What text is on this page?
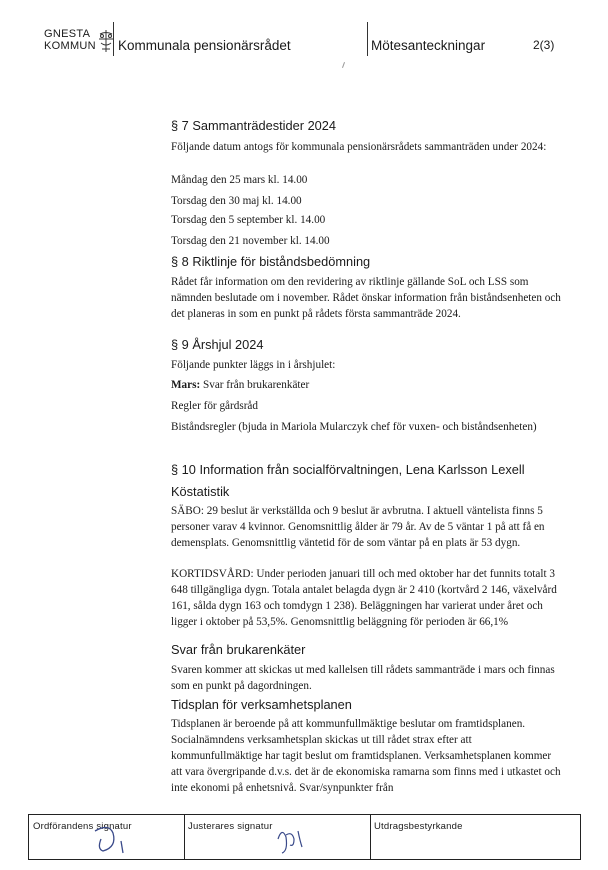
GNESTA
KOMMUN Kommunala pensionärsrådet	Mötesanteckningar	2(3)
§ 7 Sammanträdestider 2024
Följande datum antogs för kommunala pensionärsrådets sammanträden under 2024:
Måndag den 25 mars kl. 14.00
Torsdag den 30 maj kl. 14.00
Torsdag den 5 september kl. 14.00
Torsdag den 21 november kl. 14.00
§ 8 Riktlinje för biståndsbedömning
Rådet får information om den revidering av riktlinje gällande SoL och LSS som nämnden beslutade om i november. Rådet önskar information från biståndsenheten och det planeras in som en punkt på rådets första sammanträde 2024.
§ 9 Årshjul 2024
Följande punkter läggs in i årshjulet:
Mars: Svar från brukarenkäter
Regler för gårdsråd
Biståndsregler (bjuda in Mariola Mularczyk chef för vuxen- och biståndsenheten)
§ 10 Information från socialförvaltningen, Lena Karlsson Lexell
Köstatistik
SÄBO: 29 beslut är verkställda och 9 beslut är avbrutna. I aktuell väntelista finns 5 personer varav 4 kvinnor. Genomsnittlig ålder är 79 år. Av de 5 väntar 1 på att få en demensplats. Genomsnittlig väntetid för de som väntar på en plats är 53 dygn.
KORTIDSVÅRD: Under perioden januari till och med oktober har det funnits totalt 3 648 tillgängliga dygn. Totala antalet belagda dygn är 2 410 (kortvård 2 146, växelvård 161, sålda dygn 163 och tomdygn 1 238). Beläggningen har varierat under året och ligger i oktober på 53,5%. Genomsnittlig beläggning för perioden är 66,1%
Svar från brukarenkäter
Svaren kommer att skickas ut med kallelsen till rådets sammanträde i mars och finnas som en punkt på dagordningen.
Tidsplan för verksamhetsplanen
Tidsplanen är beroende på att kommunfullmäktige beslutar om framtidsplanen. Socialnämndens verksamhetsplan skickas ut till rådet strax efter att kommunfullmäktige har tagit beslut om framtidsplanen. Verksamhetsplanen kommer att vara övergripande d.v.s. det är de ekonomiska ramarna som finns med i utkastet och inte ekonomi på enhetsnivå. Svar/synpunkter från
Ordförandens signatur	Justerares signatur	Utdragsbestyrkande
